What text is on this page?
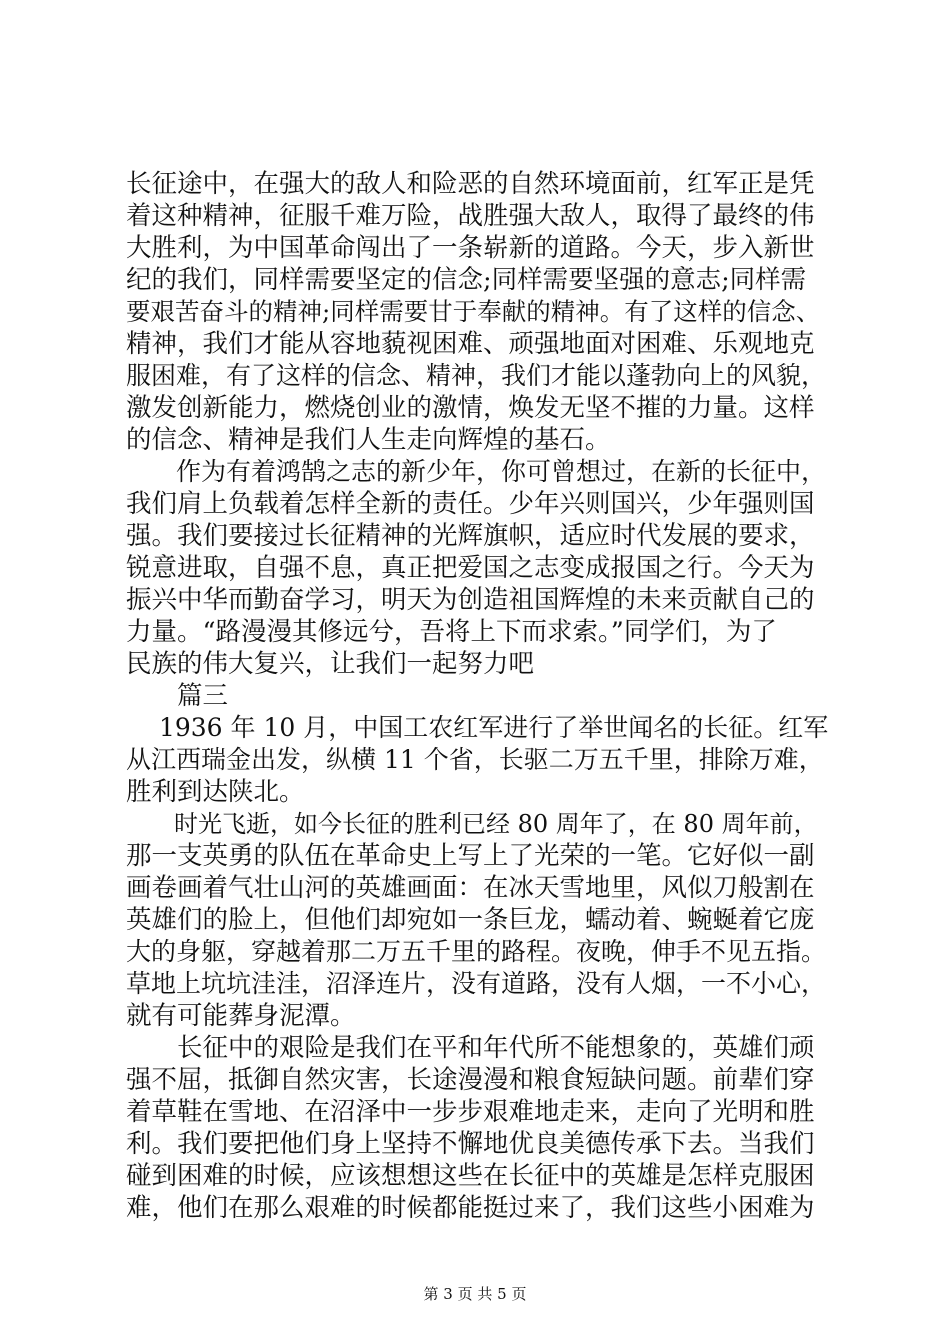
长征途中，在强大的敌人和险恶的自然环境面前，红军正是凭
着这种精神，征服千难万险，战胜强大敌人，取得了最终的伟
大胜利，为中国革命闯出了一条崭新的道路。今天，步入新世
纪的我们，同样需要坚定的信念;同样需要坚强的意志;同样需
要艰苦奋斗的精神;同样需要甘于奉献的精神。有了这样的信念、
精神，我们才能从容地藐视困难、顽强地面对困难、乐观地克
服困难，有了这样的信念、精神，我们才能以蓬勃向上的风貌，
激发创新能力，燃烧创业的激情，焕发无坚不摧的力量。这样
的信念、精神是我们人生走向辉煌的基石。
　　作为有着鸿鹄之志的新少年，你可曾想过，在新的长征中，
我们肩上负载着怎样全新的责任。少年兴则国兴，少年强则国
强。我们要接过长征精神的光辉旗帜，适应时代发展的要求，
锐意进取，自强不息，真正把爱国之志变成报国之行。今天为
振兴中华而勤奋学习，明天为创造祖国辉煌的未来贡献自己的
力量。“路漫漫其修远兮，吾将上下而求索。”同学们，为了
民族的伟大复兴，让我们一起努力吧
　　篇三
　 1936 年 10 月，中国工农红军进行了举世闻名的长征。红军
从江西瑞金出发，纵横 11 个省，长驱二万五千里，排除万难，
胜利到达陕北。
　　时光飞逝，如今长征的胜利已经 80 周年了，在 80 周年前，
那一支英勇的队伍在革命史上写上了光荣的一笔。它好似一副
画卷画着气壮山河的英雄画面：在冰天雪地里，风似刀般割在
英雄们的脸上，但他们却宛如一条巨龙，蠕动着、蜿蜒着它庞
大的身躯，穿越着那二万五千里的路程。夜晚，伸手不见五指。
草地上坑坑洼洼，沼泽连片，没有道路，没有人烟，一不小心，
就有可能葬身泥潭。
　　长征中的艰险是我们在平和年代所不能想象的，英雄们顽
强不屈，抵御自然灾害，长途漫漫和粮食短缺问题。前辈们穿
着草鞋在雪地、在沼泽中一步步艰难地走来，走向了光明和胜
利。我们要把他们身上坚持不懈地优良美德传承下去。当我们
碰到困难的时候，应该想想这些在长征中的英雄是怎样克服困
难，他们在那么艰难的时候都能挺过来了，我们这些小困难为
第 3 页 共 5 页
